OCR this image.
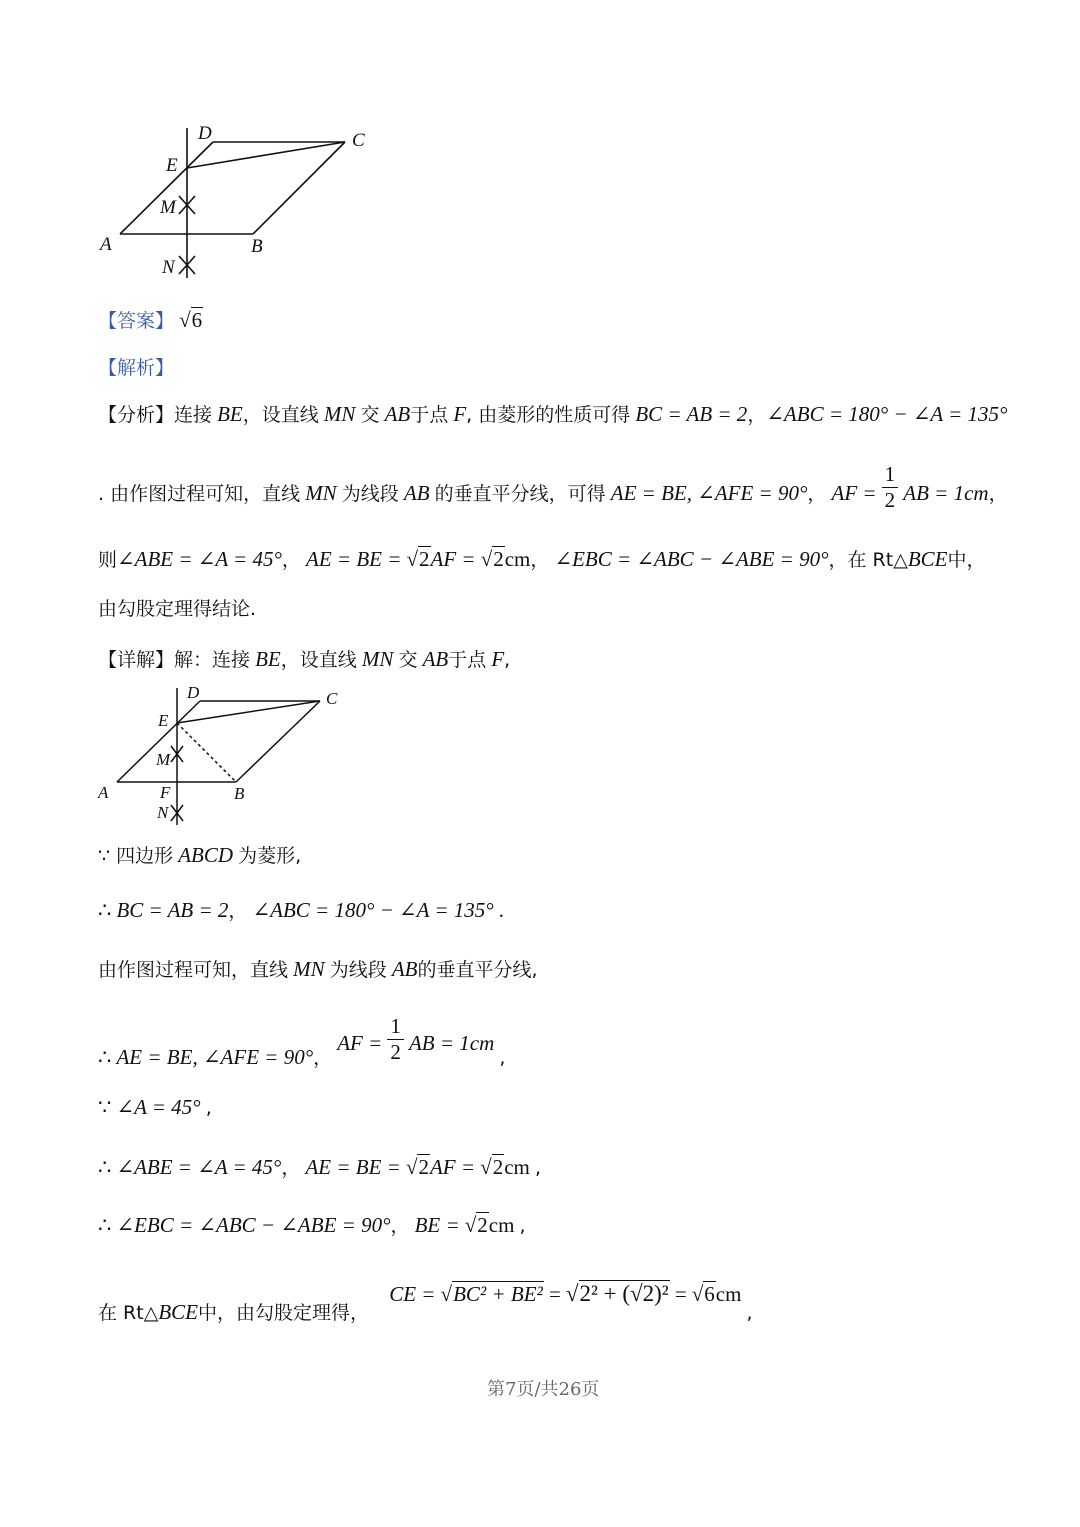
D	C
E
M
A	B
N
【答案】 √6
【解析】
【分析】连接 BE，设直线 MN 交 AB于点 F, 由菱形的性质可得 BC = AB = 2，∠ABC = 180° − ∠A = 135°
. 由作图过程可知，直线 MN 为线段 AB 的垂直平分线，可得 AE = BE, ∠AFE = 90°， AF = $\frac{1}{2}$ AB = 1cm，
则∠ABE = ∠A = 45°， AE = BE = √2AF = √2cm， ∠EBC = ∠ABC − ∠ABE = 90°，在 Rt△BCE中，
由勾股定理得结论.
【详解】解：连接 BE，设直线 MN 交 AB于点 F,
D	C
E
M
A	F	B
N
∵ 四边形 ABCD 为菱形,
∴ BC = AB = 2， ∠ABC = 180° − ∠A = 135° .
由作图过程可知，直线 MN 为线段 AB的垂直平分线,
∴ AE = BE, ∠AFE = 90°， AF = $\frac{1}{2}$ AB = 1cm ,
∵ ∠A = 45° ,
∴ ∠ABE = ∠A = 45°， AE = BE = √2AF = √2cm ,
∴ ∠EBC = ∠ABC − ∠ABE = 90°， BE = √2cm ,
在 Rt△BCE中，由勾股定理得，  CE = √BC² + BE² = √2² + (√2)² = √6cm ,
第7页/共26页
